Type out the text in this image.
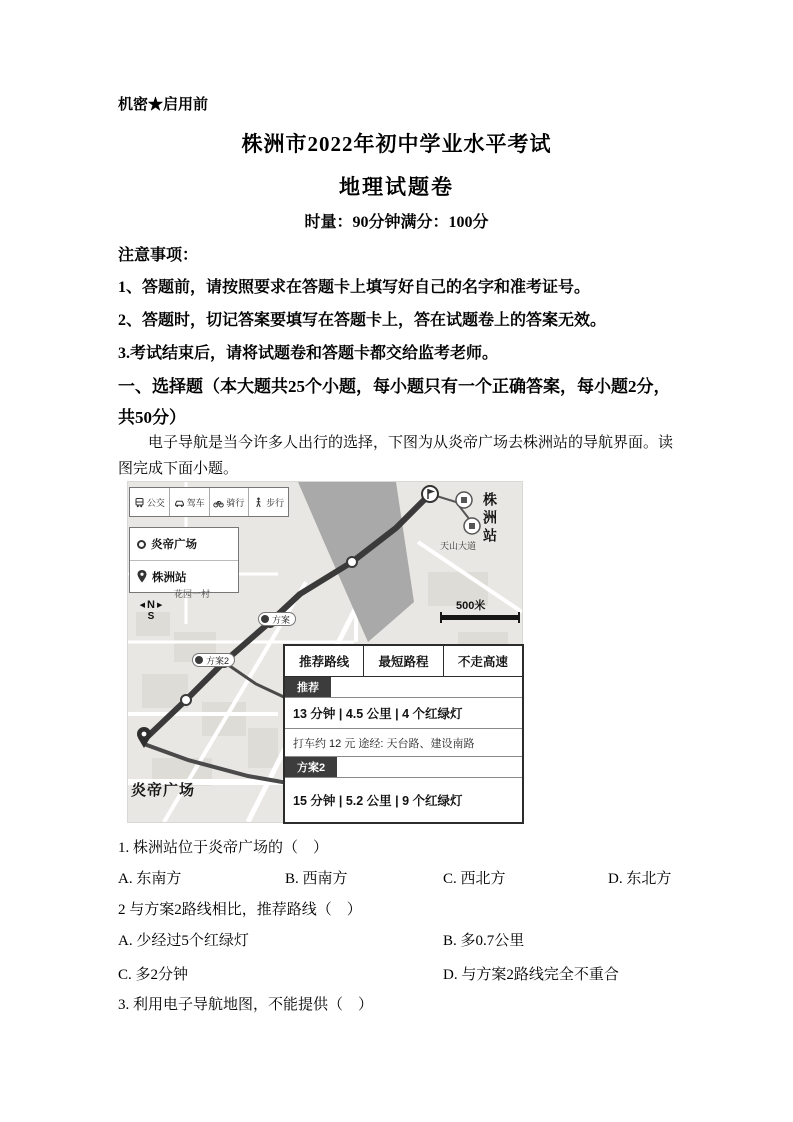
机密★启用前
株洲市2022年初中学业水平考试
地理试题卷
时量：90分钟满分：100分
注意事项：
1、答题前，请按照要求在答题卡上填写好自己的名字和准考证号。
2、答题时，切记答案要填写在答题卡上，答在试题卷上的答案无效。
3.考试结束后，请将试题卷和答题卡都交给监考老师。
一、选择题（本大题共25个小题，每小题只有一个正确答案，每小题2分，共50分）
电子导航是当今许多人出行的选择，下图为从炎帝广场去株洲站的导航界面。读图完成下面小题。
公交 驾车 骑行 步行
炎帝广场
株洲站
◀ N ▶
S
500米
株洲站
天山大道
花园一村
方案
方案2
炎帝广场
推荐路线	最短路程	不走高速
推荐
13 分钟 | 4.5 公里 | 4 个红绿灯
打车约 12 元 途经: 天台路、建设南路
方案2
15 分钟 | 5.2 公里 | 9 个红绿灯
1. 株洲站位于炎帝广场的（　）
A. 东南方	B. 西南方	C. 西北方	D. 东北方
2 与方案2路线相比，推荐路线（　）
A. 少经过5个红绿灯	B. 多0.7公里
C. 多2分钟	D. 与方案2路线完全不重合
3. 利用电子导航地图，不能提供（　）
